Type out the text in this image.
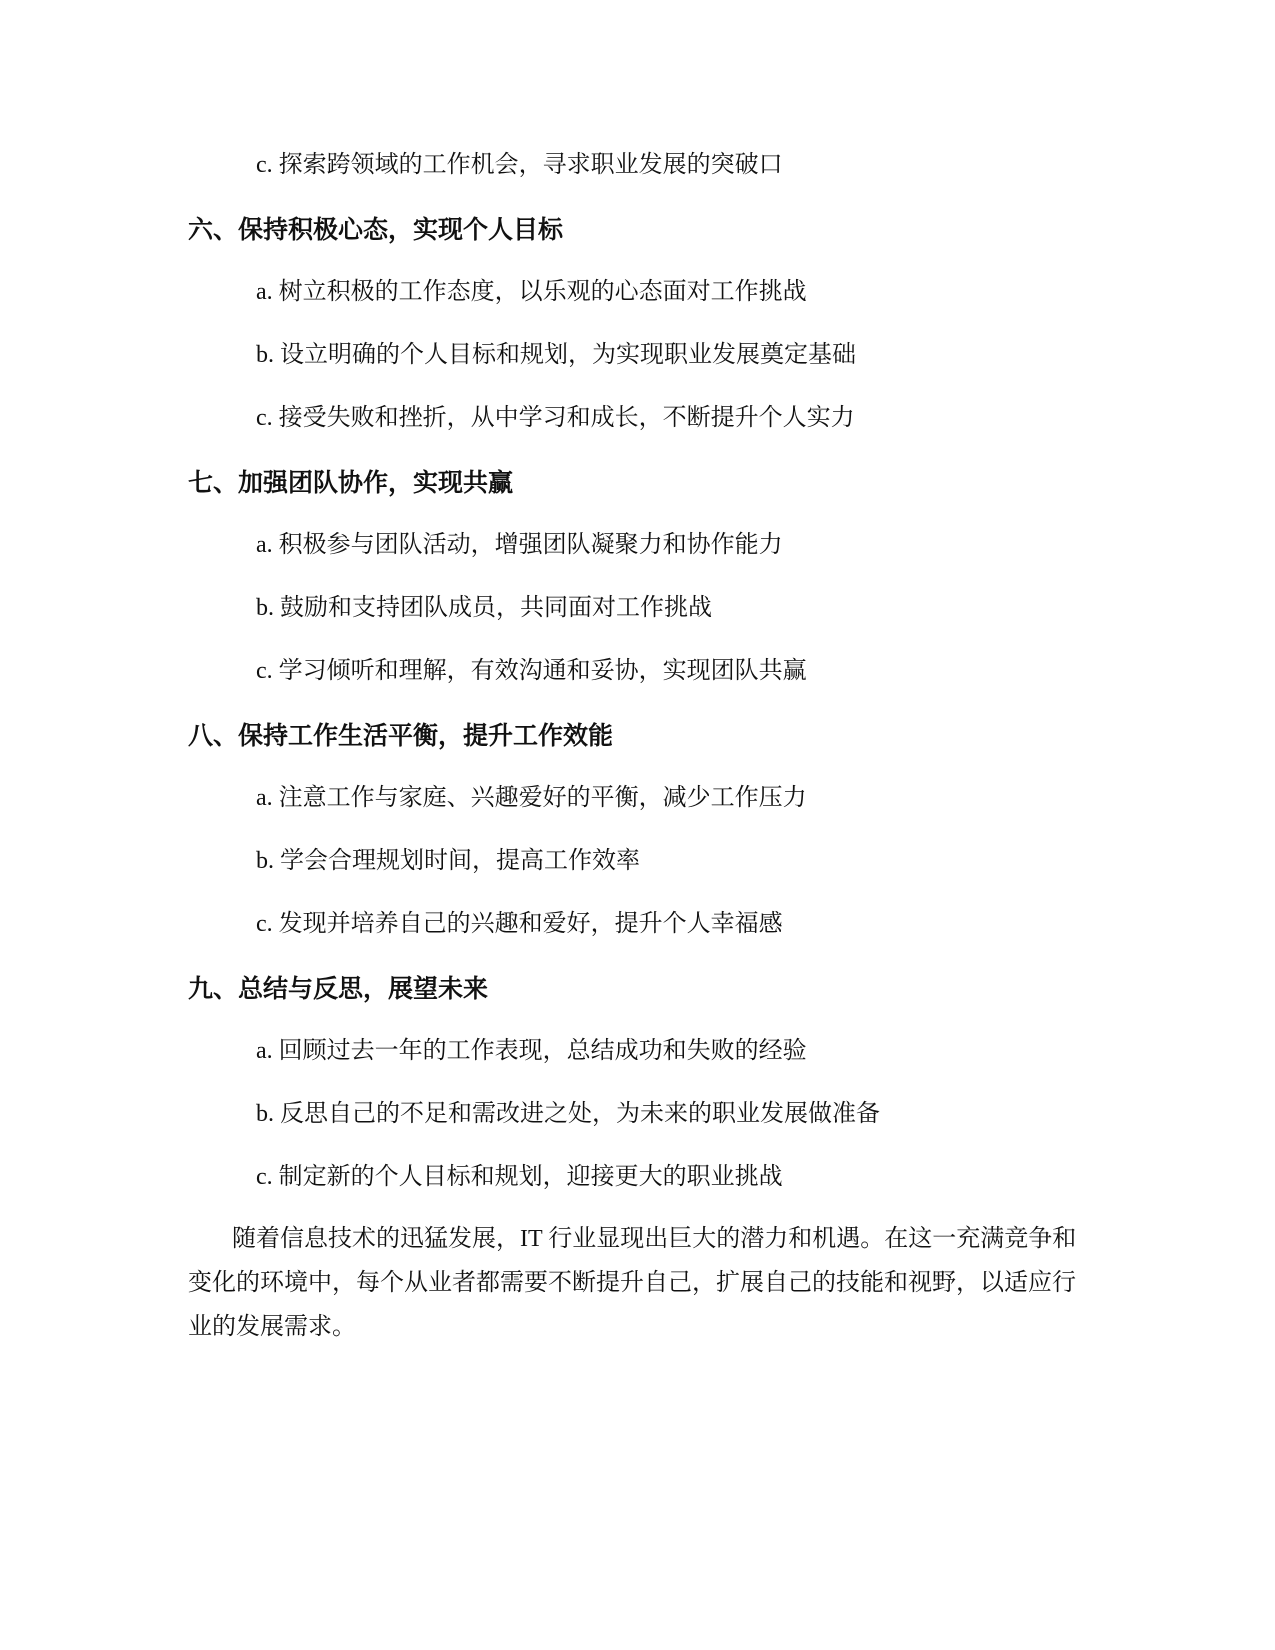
c. 探索跨领域的工作机会，寻求职业发展的突破口
六、保持积极心态，实现个人目标
a. 树立积极的工作态度，以乐观的心态面对工作挑战
b. 设立明确的个人目标和规划，为实现职业发展奠定基础
c. 接受失败和挫折，从中学习和成长，不断提升个人实力
七、加强团队协作，实现共赢
a. 积极参与团队活动，增强团队凝聚力和协作能力
b. 鼓励和支持团队成员，共同面对工作挑战
c. 学习倾听和理解，有效沟通和妥协，实现团队共赢
八、保持工作生活平衡，提升工作效能
a. 注意工作与家庭、兴趣爱好的平衡，减少工作压力
b. 学会合理规划时间，提高工作效率
c. 发现并培养自己的兴趣和爱好，提升个人幸福感
九、总结与反思，展望未来
a. 回顾过去一年的工作表现，总结成功和失败的经验
b. 反思自己的不足和需改进之处，为未来的职业发展做准备
c. 制定新的个人目标和规划，迎接更大的职业挑战
随着信息技术的迅猛发展，IT 行业显现出巨大的潜力和机遇。在这一充满竞争和变化的环境中，每个从业者都需要不断提升自己，扩展自己的技能和视野，以适应行业的发展需求。
